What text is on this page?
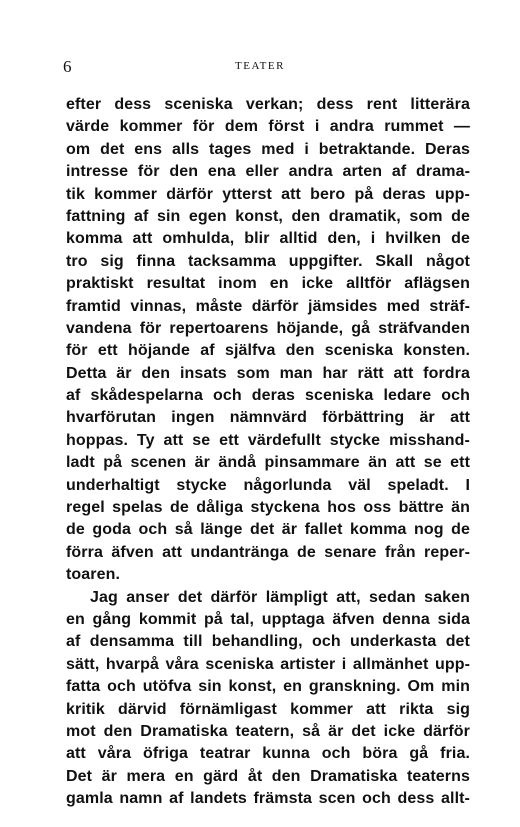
6	TEATER
efter dess sceniska verkan; dess rent litterära
värde kommer för dem först i andra rummet —
om det ens alls tages med i betraktande. Deras
intresse för den ena eller andra arten af drama-
tik kommer därför ytterst att bero på deras upp-
fattning af sin egen konst, den dramatik, som de
komma att omhulda, blir alltid den, i hvilken de
tro sig finna tacksamma uppgifter. Skall något
praktiskt resultat inom en icke alltför aflägsen
framtid vinnas, måste därför jämsides med sträf-
vandena för repertoarens höjande, gå sträfvanden
för ett höjande af själfva den sceniska konsten.
Detta är den insats som man har rätt att fordra
af skådespelarna och deras sceniska ledare och
hvarförutan ingen nämnvärd förbättring är att
hoppas. Ty att se ett värdefullt stycke misshand-
ladt på scenen är ändå pinsammare än att se ett
underhaltigt stycke någorlunda väl speladt. I
regel spelas de dåliga styckena hos oss bättre än
de goda och så länge det är fallet komma nog de
förra äfven att undantränga de senare från reper-
toaren.
Jag anser det därför lämpligt att, sedan saken
en gång kommit på tal, upptaga äfven denna sida
af densamma till behandling, och underkasta det
sätt, hvarpå våra sceniska artister i allmänhet upp-
fatta och utöfva sin konst, en granskning. Om min
kritik därvid förnämligast kommer att rikta sig
mot den Dramatiska teatern, så är det icke därför
att våra öfriga teatrar kunna och böra gå fria.
Det är mera en gärd åt den Dramatiska teaterns
gamla namn af landets främsta scen och dess allt-
